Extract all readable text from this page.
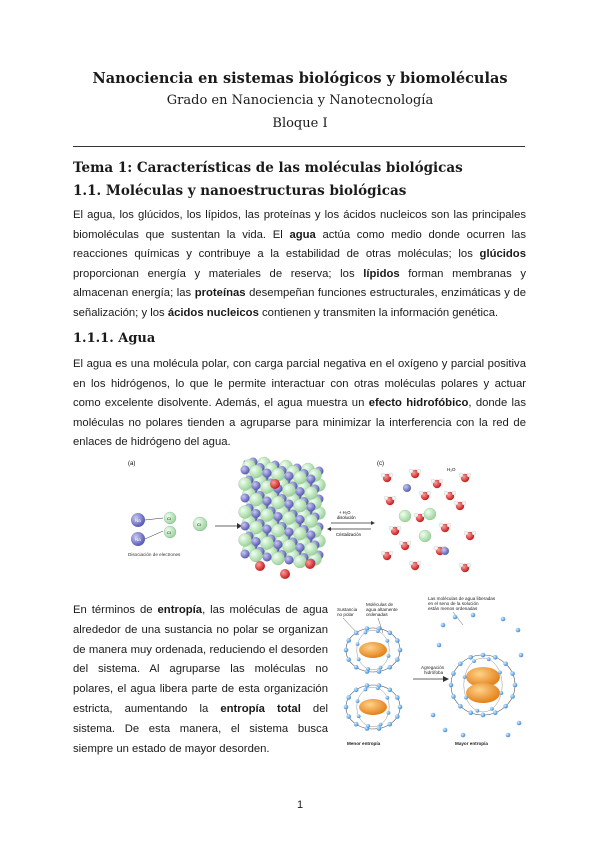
Nanociencia en sistemas biológicos y biomoléculas
Grado en Nanociencia y Nanotecnología
Bloque I
Tema 1: Características de las moléculas biológicas
1.1. Moléculas y nanoestructuras biológicas
El agua, los glúcidos, los lípidos, las proteínas y los ácidos nucleicos son las principales biomoléculas que sustentan la vida. El agua actúa como medio donde ocurren las reacciones químicas y contribuye a la estabilidad de otras moléculas; los glúcidos proporcionan energía y materiales de reserva; los lípidos forman membranas y almacenan energía; las proteínas desempeñan funciones estructurales, enzimáticas y de señalización; y los ácidos nucleicos contienen y transmiten la información genética.
1.1.1. Agua
El agua es una molécula polar, con carga parcial negativa en el oxígeno y parcial positiva en los hidrógenos, lo que le permite interactuar con otras moléculas polares y actuar como excelente disolvente. Además, el agua muestra un efecto hidrofóbico, donde las moléculas no polares tienden a agruparse para minimizar la interferencia con la red de enlaces de hidrógeno del agua.
(a)	(c)
Na
Na
Cl
Cl
Cl
Disociación de electrones
+ H₂O
disolución
Cristalización
H₂O
En términos de entropía, las moléculas de agua alrededor de una sustancia no polar se organizan de manera muy ordenada, reduciendo el desorden del sistema. Al agruparse las moléculas no polares, el agua libera parte de esta organización estricta, aumentando la entropía total del sistema. De esta manera, el sistema busca siempre un estado de mayor desorden.
Sustancia
no polar
Moléculas de
agua altamente
ordenadas
Las moléculas de agua liberadas
en el seno de la solución
están menos ordenadas
Agregación
hidrófoba
Menor entropía	Mayor entropía
1
